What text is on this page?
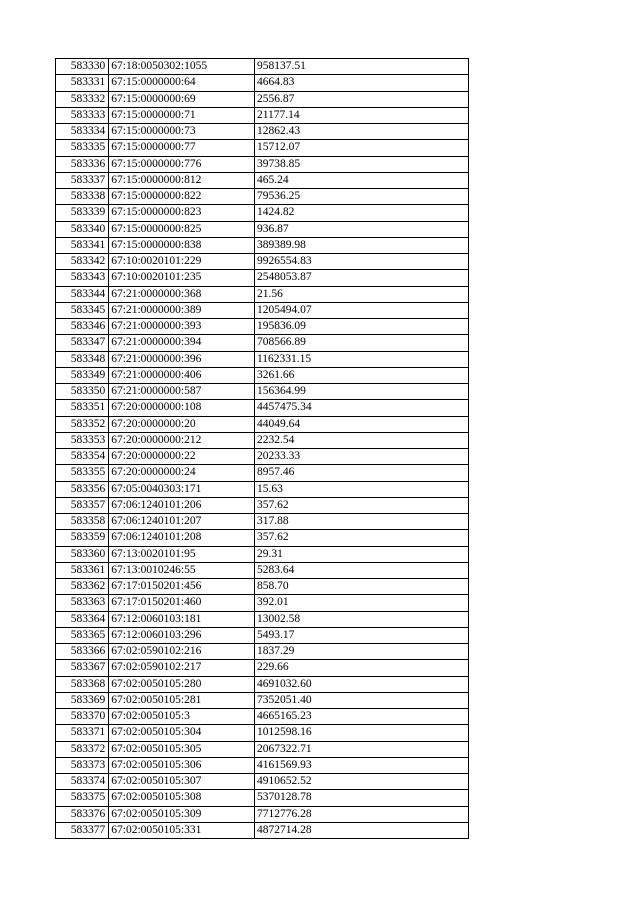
583330	67:18:0050302:1055	958137.51
583331	67:15:0000000:64	4664.83
583332	67:15:0000000:69	2556.87
583333	67:15:0000000:71	21177.14
583334	67:15:0000000:73	12862.43
583335	67:15:0000000:77	15712.07
583336	67:15:0000000:776	39738.85
583337	67:15:0000000:812	465.24
583338	67:15:0000000:822	79536.25
583339	67:15:0000000:823	1424.82
583340	67:15:0000000:825	936.87
583341	67:15:0000000:838	389389.98
583342	67:10:0020101:229	9926554.83
583343	67:10:0020101:235	2548053.87
583344	67:21:0000000:368	21.56
583345	67:21:0000000:389	1205494.07
583346	67:21:0000000:393	195836.09
583347	67:21:0000000:394	708566.89
583348	67:21:0000000:396	1162331.15
583349	67:21:0000000:406	3261.66
583350	67:21:0000000:587	156364.99
583351	67:20:0000000:108	4457475.34
583352	67:20:0000000:20	44049.64
583353	67:20:0000000:212	2232.54
583354	67:20:0000000:22	20233.33
583355	67:20:0000000:24	8957.46
583356	67:05:0040303:171	15.63
583357	67:06:1240101:206	357.62
583358	67:06:1240101:207	317.88
583359	67:06:1240101:208	357.62
583360	67:13:0020101:95	29.31
583361	67:13:0010246:55	5283.64
583362	67:17:0150201:456	858.70
583363	67:17:0150201:460	392.01
583364	67:12:0060103:181	13002.58
583365	67:12:0060103:296	5493.17
583366	67:02:0590102:216	1837.29
583367	67:02:0590102:217	229.66
583368	67:02:0050105:280	4691032.60
583369	67:02:0050105:281	7352051.40
583370	67:02:0050105:3	4665165.23
583371	67:02:0050105:304	1012598.16
583372	67:02:0050105:305	2067322.71
583373	67:02:0050105:306	4161569.93
583374	67:02:0050105:307	4910652.52
583375	67:02:0050105:308	5370128.78
583376	67:02:0050105:309	7712776.28
583377	67:02:0050105:331	4872714.28
